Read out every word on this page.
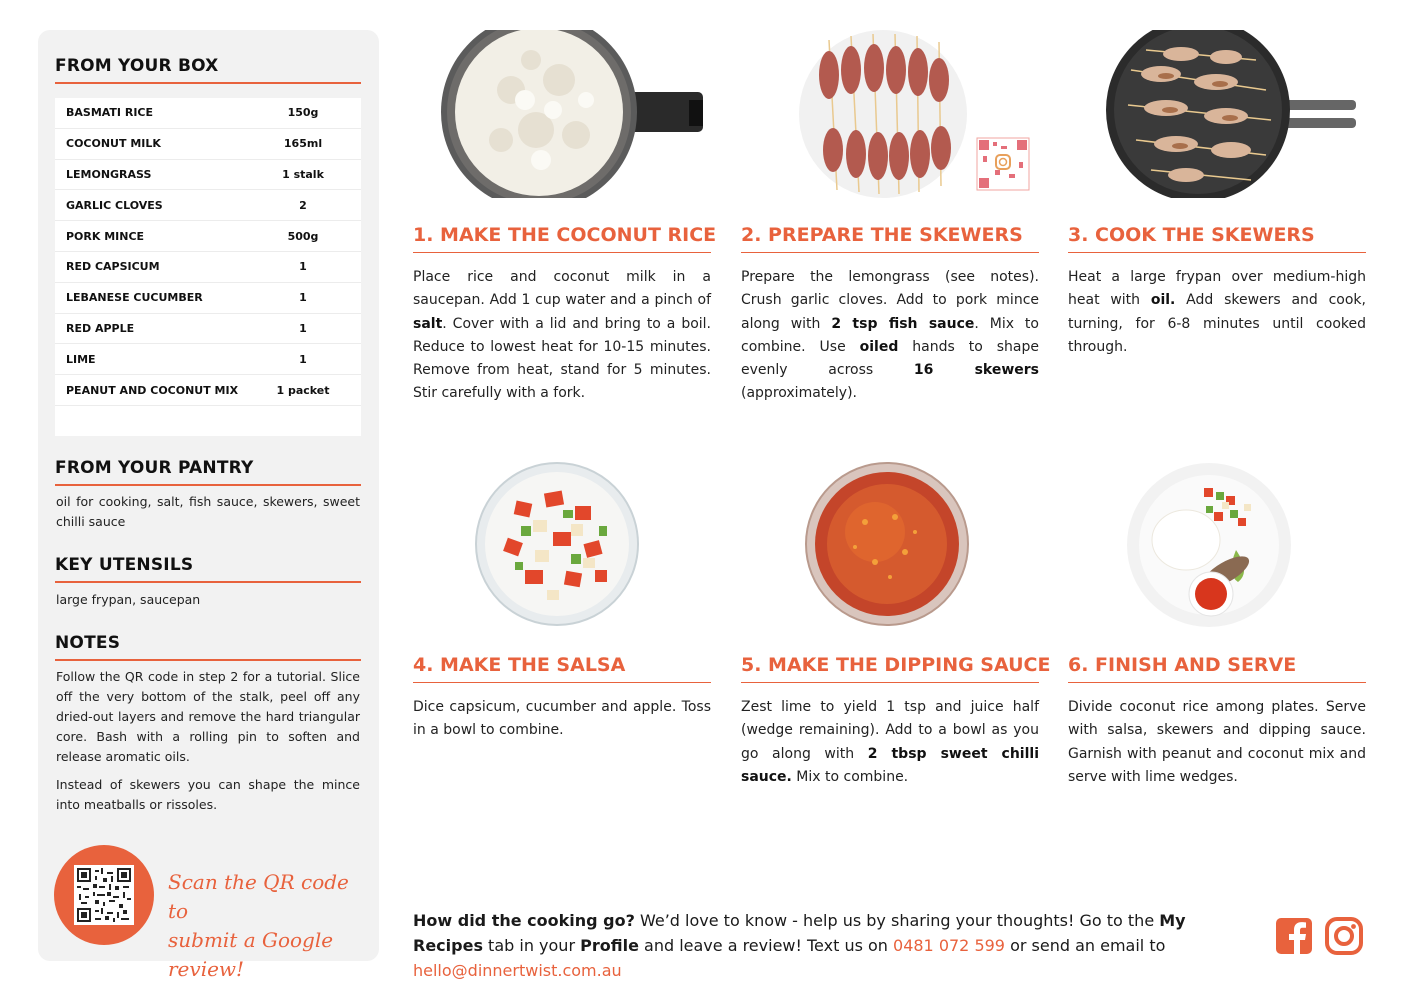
FROM YOUR BOX
BASMATI RICE	150g
COCONUT MILK	165ml
LEMONGRASS	1 stalk
GARLIC CLOVES	2
PORK MINCE	500g
RED CAPSICUM	1
LEBANESE CUCUMBER	1
RED APPLE	1
LIME	1
PEANUT AND COCONUT MIX	1 packet
FROM YOUR PANTRY
oil for cooking, salt, fish sauce, skewers, sweet chilli sauce
KEY UTENSILS
large frypan, saucepan
NOTES
Follow the QR code in step 2 for a tutorial. Slice off the very bottom of the stalk, peel off any dried-out layers and remove the hard triangular core. Bash with a rolling pin to soften and release aromatic oils.
Instead of skewers you can shape the mince into meatballs or rissoles.
Scan the QR code to
submit a Google review!
1. MAKE THE COCONUT RICE
Place rice and coconut milk in a saucepan. Add 1 cup water and a pinch of salt. Cover with a lid and bring to a boil. Reduce to lowest heat for 10-15 minutes. Remove from heat, stand for 5 minutes. Stir carefully with a fork.
2. PREPARE THE SKEWERS
Prepare the lemongrass (see notes). Crush garlic cloves. Add to pork mince along with 2 tsp fish sauce. Mix to combine. Use oiled hands to shape evenly across 16 skewers (approximately).
3. COOK THE SKEWERS
Heat a large frypan over medium-high heat with oil. Add skewers and cook, turning, for 6-8 minutes until cooked through.
4. MAKE THE SALSA
Dice capsicum, cucumber and apple. Toss in a bowl to combine.
5. MAKE THE DIPPING SAUCE
Zest lime to yield 1 tsp and juice half (wedge remaining). Add to a bowl as you go along with 2 tbsp sweet chilli sauce. Mix to combine.
6. FINISH AND SERVE
Divide coconut rice among plates. Serve with salsa, skewers and dipping sauce. Garnish with peanut and coconut mix and serve with lime wedges.
How did the cooking go? We’d love to know - help us by sharing your thoughts! Go to the My Recipes tab in your Profile and leave a review! Text us on 0481 072 599 or send an email to hello@dinnertwist.com.au
